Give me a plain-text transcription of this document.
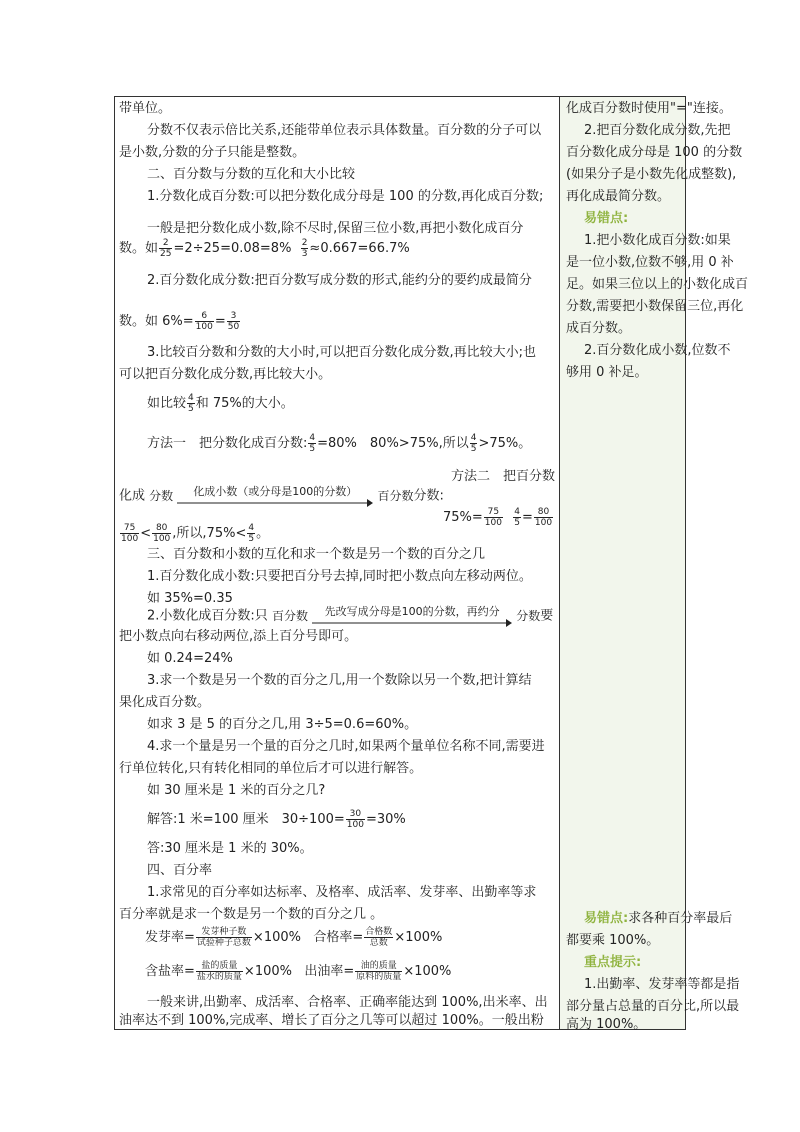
带单位。
分数不仅表示倍比关系,还能带单位表示具体数量。百分数的分子可以
是小数,分数的分子只能是整数。
二、百分数与分数的互化和大小比较
1.分数化成百分数:可以把分数化成分母是 100 的分数,再化成百分数;
一般是把分数化成小数,除不尽时,保留三位小数,再把小数化成百分
数。如 $\frac{2}{25} =2\div 25=0.08=8\% \frac{2}{3} \approx 0.667=66.7\%$
2.百分数化成分数:把百分数写成分数的形式,能约分的要约成最简分
数。如 $6\%= \frac{6}{100} = \frac{3}{50}$
3.比较百分数和分数的大小时,可以把百分数化成分数,再比较大小;也
可以把百分数化成分数,再比较大小。
如比较 $\frac{4}{5}$ 和 75%的大小。
方法一　把分数化成百分数: $\frac{4}{5} =80\%$　80%>75%,所以 $\frac{4}{5} >75\%$。
方法二　把百分数
化成 分数	化成小数（或分母是100的分数）	百分数分数:
$75\%= \frac{75}{100}$
$\frac{4}{5} = \frac{80}{100}$
$\frac{75}{100} < \frac{80}{100}$ ,所以$,75\%< \frac{4}{5}$ 。
三、百分数和小数的互化和求一个数是另一个数的百分之几
1.百分数化成小数:只要把百分号去掉,同时把小数点向左移动两位。
如 35%=0.35
2.小数化成百分数:只 百分数	先改写成分母是100的分数，再约分	分数要
把小数点向右移动两位,添上百分号即可。
如 0.24=24%
3.求一个数是另一个数的百分之几,用一个数除以另一个数,把计算结
果化成百分数。
如求 3 是 5 的百分之几,用 3÷5=0.6=60%。
4.求一个量是另一个量的百分之几时,如果两个量单位名称不同,需要进
行单位转化,只有转化相同的单位后才可以进行解答。
如 30 厘米是 1 米的百分之几?
解答:1 米=100 厘米　$30\div 100= \frac{30}{100} =30\%$
答:30 厘米是 1 米的 30%。
四、百分率
1.求常见的百分率如达标率、及格率、成活率、发芽率、出勤率等求
百分率就是求一个数是另一个数的百分之几 。
发芽率= $\frac{\text{发芽种子数}}{\text{试验种子总数}} \times 100\%$ 合格率= $\frac{\text{合格数}}{\text{总数}} \times 100\%$
含盐率= $\frac{\text{盐的质量}}{\text{盐水的质量}} \times 100\%$ 出油率= $\frac{\text{油的质量}}{\text{原料的质量}} \times 100\%$
一般来讲,出勤率、成活率、合格率、正确率能达到 100%,出米率、出
油率达不到 100%,完成率、增长了百分之几等可以超过 100%。一般出粉
化成百分数时使用"="连接。
2.把百分数化成分数,先把
百分数化成分母是 100 的分数
(如果分子是小数先化成整数),
再化成最简分数。
易错点:
1.把小数化成百分数:如果
是一位小数,位数不够,用 0 补
足。如果三位以上的小数化成百
分数,需要把小数保留三位,再化
成百分数。
2.百分数化成小数,位数不
够用 0 补足。
易错点:求各种百分率最后
都要乘 100%。
重点提示:
1.出勤率、发芽率等都是指
部分量占总量的百分比,所以最
高为 100%。
